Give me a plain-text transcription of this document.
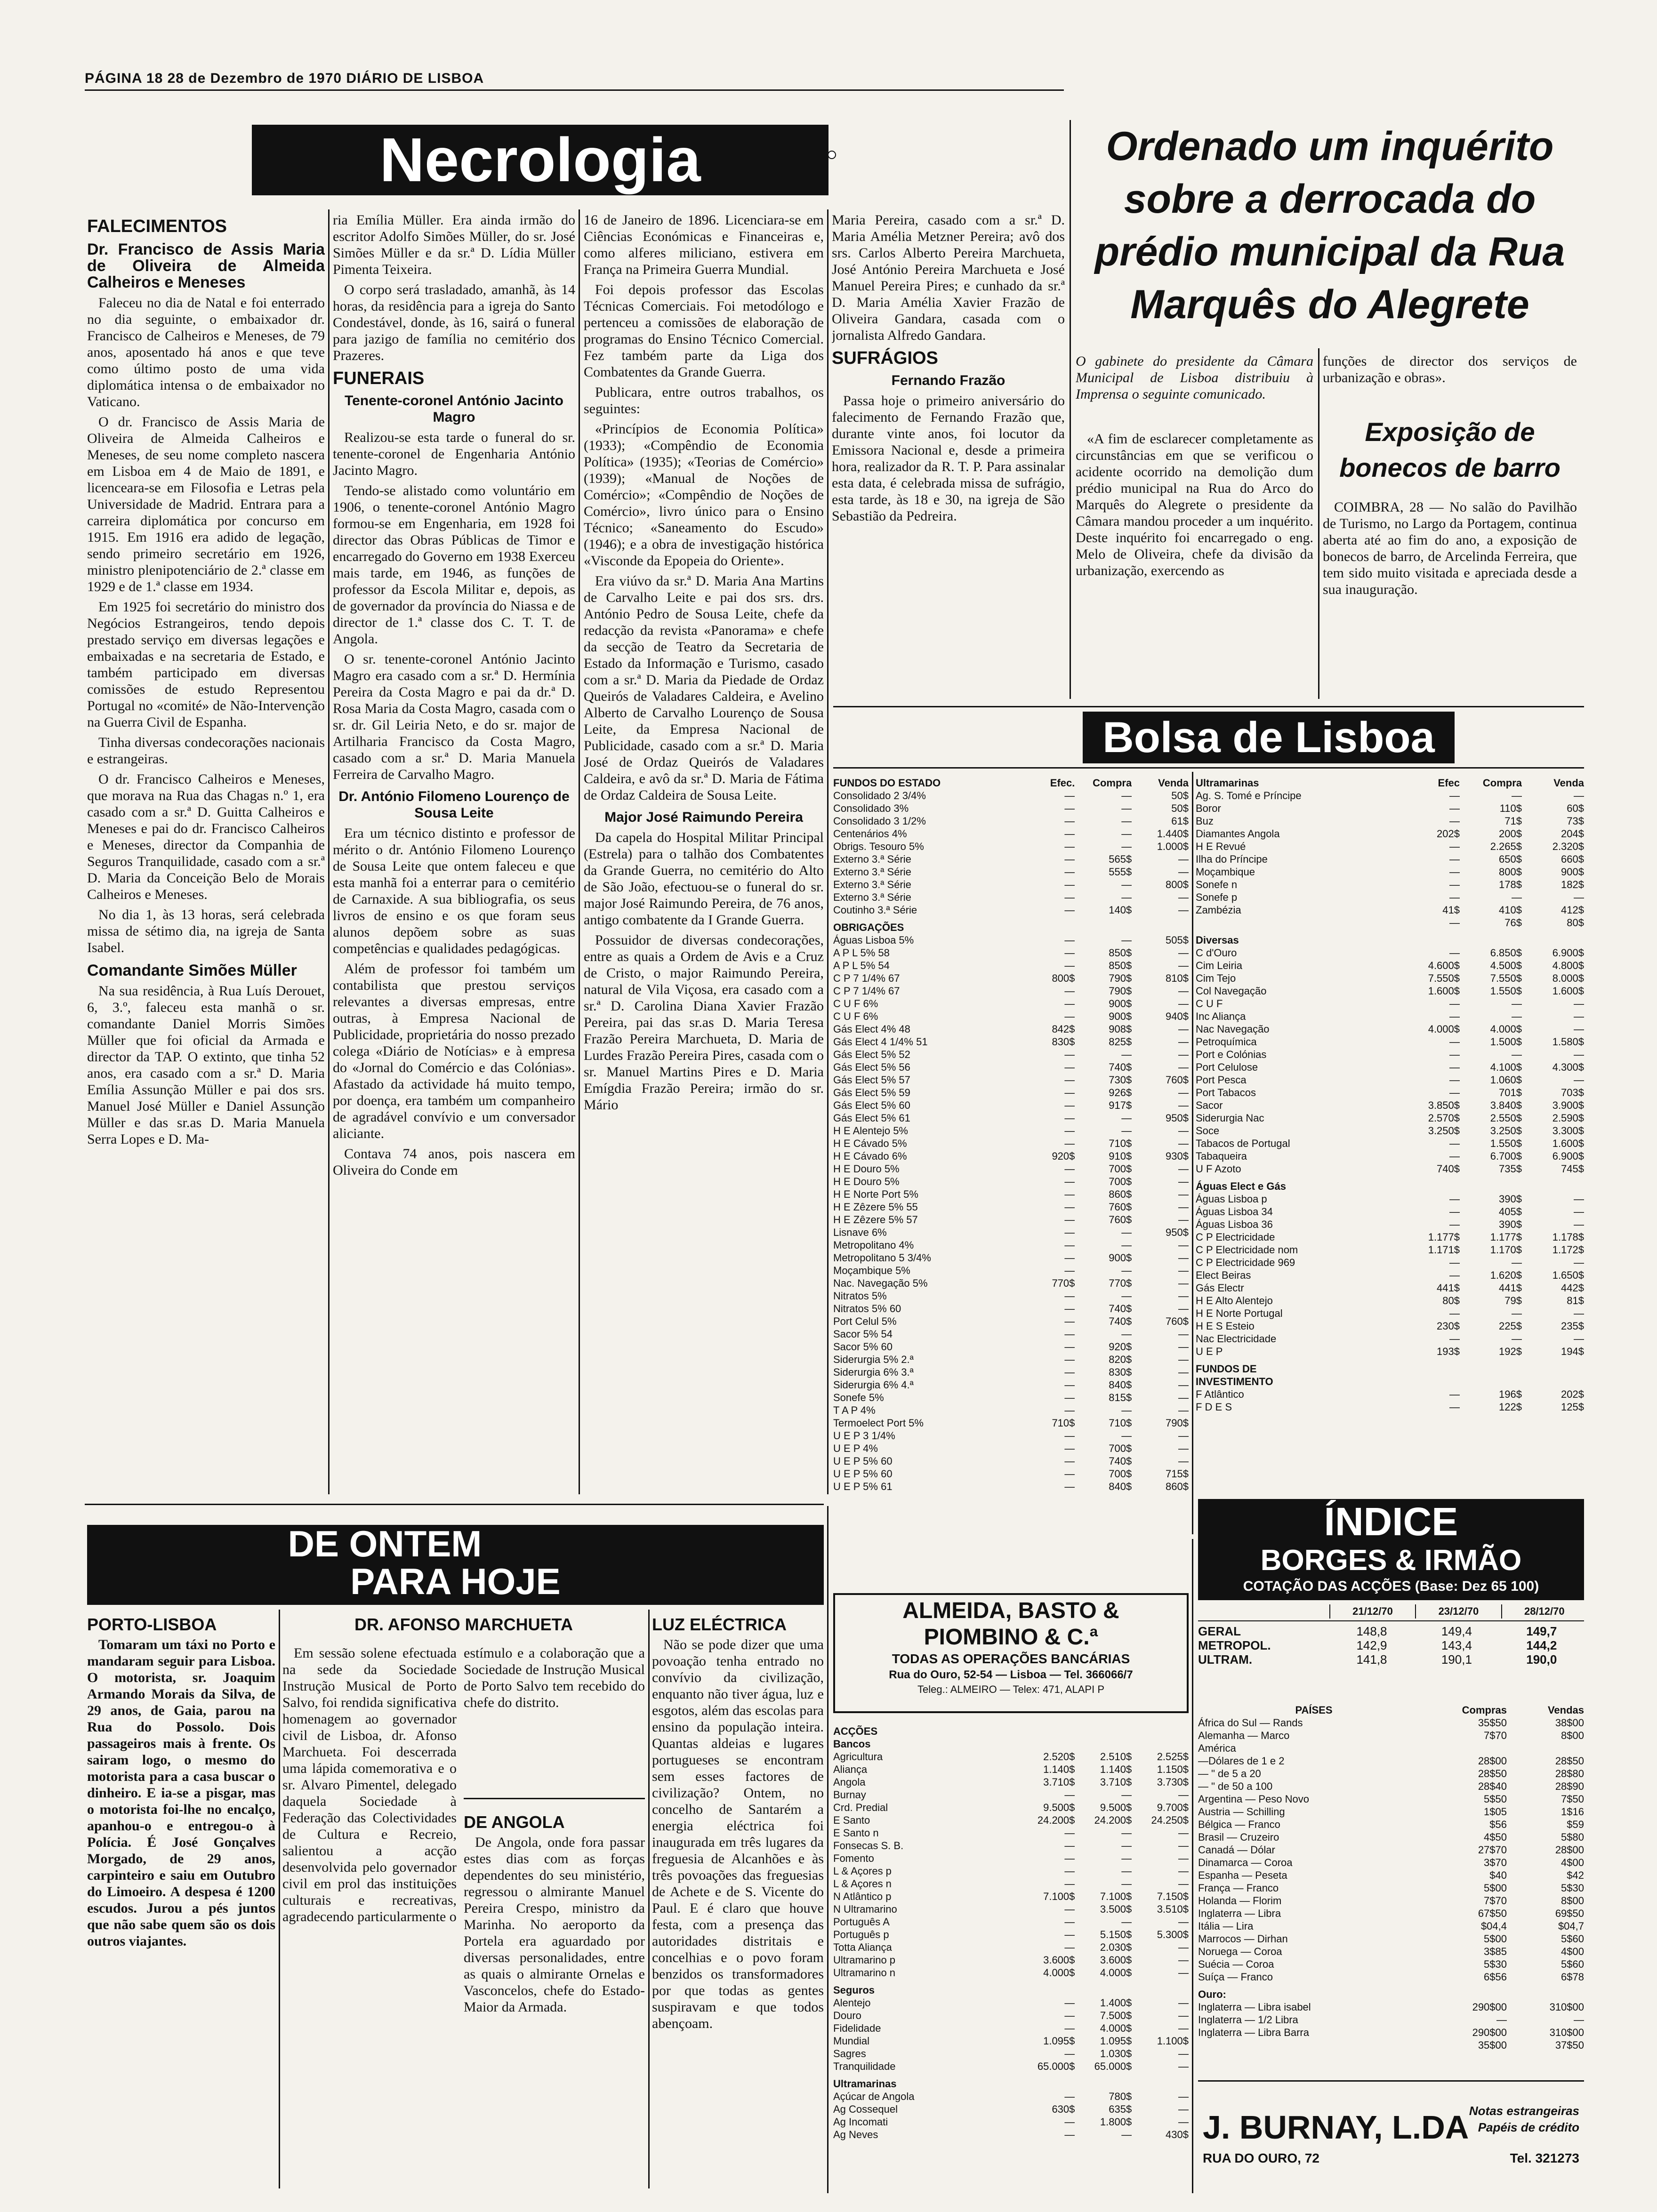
PÁGINA 18 28 de Dezembro de 1970 DIÁRIO DE LISBOA
Necrologia
FALECIMENTOS
Dr. Francisco de Assis Maria de Oliveira de Almeida Calheiros e Meneses

Faleceu no dia de Natal e foi enterrado no dia seguinte, o embaixador dr. Francisco de Calheiros e Meneses, de 79 anos, aposentado há anos e que teve como último posto de uma vida diplomática intensa o de embaixador no Vaticano.

O dr. Francisco de Assis Maria de Oliveira de Almeida Calheiros e Meneses, de seu nome completo nascera em Lisboa em 4 de Maio de 1891, e licenceara-se em Filosofia e Letras pela Universidade de Madrid. Entrara para a carreira diplomática por concurso em 1915. Em 1916 era adido de legação, sendo primeiro secretário em 1926, ministro plenipotenciário de 2.ª classe em 1929 e de 1.ª classe em 1934.

Em 1925 foi secretário do ministro dos Negócios Estrangeiros, tendo depois prestado serviço em diversas legações e embaixadas e na secretaria de Estado, e também participado em diversas comissões de estudo Representou Portugal no «comité» de Não-Intervenção na Guerra Civil de Espanha.

Tinha diversas condecorações nacionais e estrangeiras.

O dr. Francisco Calheiros e Meneses, que morava na Rua das Chagas n.º 1, era casado com a sr.ª D. Guitta Calheiros e Meneses e pai do dr. Francisco Calheiros e Meneses, director da Companhia de Seguros Tranquilidade, casado com a sr.ª D. Maria da Conceição Belo de Morais Calheiros e Meneses.

No dia 1, às 13 horas, será celebrada missa de sétimo dia, na igreja de Santa Isabel.

Comandante Simões Müller

Na sua residência, à Rua Luís Derouet, 6, 3.º, faleceu esta manhã o sr. comandante Daniel Morris Simões Müller que foi oficial da Armada e director da TAP. O extinto, que tinha 52 anos, era casado com a sr.ª D. Maria Emília Assunção Müller e pai dos srs. Manuel José Müller e Daniel Assunção Müller e das sr.as D. Maria Manuela Serra Lopes e D. Ma-

ria Emília Müller. Era ainda irmão do escritor Adolfo Simões Müller, do sr. José Simões Müller e da sr.ª D. Lídia Müller Pimenta Teixeira.

O corpo será trasladado, amanhã, às 14 horas, da residência para a igreja do Santo Condestável, donde, às 16, sairá o funeral para jazigo de família no cemitério dos Prazeres.

FUNERAIS
Tenente-coronel António Jacinto Magro

Realizou-se esta tarde o funeral do sr. tenente-coronel de Engenharia António Jacinto Magro.

Tendo-se alistado como voluntário em 1906, o tenente-coronel António Magro formou-se em Engenharia, em 1928 foi director das Obras Públicas de Timor e encarregado do Governo em 1938 Exerceu mais tarde, em 1946, as funções de professor da Escola Militar e, depois, as de governador da província do Niassa e de director de 1.ª classe dos C. T. T. de Angola.

O sr. tenente-coronel António Jacinto Magro era casado com a sr.ª D. Hermínia Pereira da Costa Magro e pai da dr.ª D. Rosa Maria da Costa Magro, casada com o sr. dr. Gil Leiria Neto, e do sr. major de Artilharia Francisco da Costa Magro, casado com a sr.ª D. Maria Manuela Ferreira de Carvalho Magro.

Dr. António Filomeno Lourenço de Sousa Leite

Era um técnico distinto e professor de mérito o dr. António Filomeno Lourenço de Sousa Leite que ontem faleceu e que esta manhã foi a enterrar para o cemitério de Carnaxide. A sua bibliografia, os seus livros de ensino e os que foram seus alunos depõem sobre as suas competências e qualidades pedagógicas.

Além de professor foi também um contabilista que prestou serviços relevantes a diversas empresas, entre outras, à Empresa Nacional de Publicidade, proprietária do nosso prezado colega «Diário de Notícias» e à empresa do «Jornal do Comércio e das Colónias». Afastado da actividade há muito tempo, por doença, era também um companheiro de agradável convívio e um conversador aliciante.

Contava 74 anos, pois nascera em Oliveira do Conde em

16 de Janeiro de 1896. Licenciara-se em Ciências Económicas e Financeiras e, como alferes miliciano, estivera em França na Primeira Guerra Mundial.

Foi depois professor das Escolas Técnicas Comerciais. Foi metodólogo e pertenceu a comissões de elaboração de programas do Ensino Técnico Comercial. Fez também parte da Liga dos Combatentes da Grande Guerra.

Publicara, entre outros trabalhos, os seguintes:

«Princípios de Economia Política» (1933); «Compêndio de Economia Política» (1935); «Teorias de Comércio» (1939); «Manual de Noções de Comércio»; «Compêndio de Noções de Comércio», livro único para o Ensino Técnico; «Saneamento do Escudo» (1946); e a obra de investigação histórica «Visconde da Epopeia do Oriente».

Era viúvo da sr.ª D. Maria Ana Martins de Carvalho Leite e pai dos srs. drs. António Pedro de Sousa Leite, chefe da redacção da revista «Panorama» e chefe da secção de Teatro da Secretaria de Estado da Informação e Turismo, casado com a sr.ª D. Maria da Piedade de Ordaz Queirós de Valadares Caldeira, e Avelino Alberto de Carvalho Lourenço de Sousa Leite, da Empresa Nacional de Publicidade, casado com a sr.ª D. Maria José de Ordaz Queirós de Valadares Caldeira, e avô da sr.ª D. Maria de Fátima de Ordaz Caldeira de Sousa Leite.

Major José Raimundo Pereira

Da capela do Hospital Militar Principal (Estrela) para o talhão dos Combatentes da Grande Guerra, no cemitério do Alto de São João, efectuou-se o funeral do sr. major José Raimundo Pereira, de 76 anos, antigo combatente da I Grande Guerra.

Possuidor de diversas condecorações, entre as quais a Ordem de Avis e a Cruz de Cristo, o major Raimundo Pereira, natural de Vila Viçosa, era casado com a sr.ª D. Carolina Diana Xavier Frazão Pereira, pai das sr.as D. Maria Teresa Frazão Pereira Marchueta, D. Maria de Lurdes Frazão Pereira Pires, casada com o sr. Manuel Martins Pires e D. Maria Emígdia Frazão Pereira; irmão do sr. Mário

Maria Pereira, casado com a sr.ª D. Maria Amélia Metzner Pereira; avô dos srs. Carlos Alberto Pereira Marchueta, José António Pereira Marchueta e José Manuel Pereira Pires; e cunhado da sr.ª D. Maria Amélia Xavier Frazão de Oliveira Gandara, casada com o jornalista Alfredo Gandara.

SUFRÁGIOS
Fernando Frazão

Passa hoje o primeiro aniversário do falecimento de Fernando Frazão que, durante vinte anos, foi locutor da Emissora Nacional e, desde a primeira hora, realizador da R. T. P. Para assinalar esta data, é celebrada missa de sufrágio, esta tarde, às 18 e 30, na igreja de São Sebastião da Pedreira.

Ordenado um inquérito sobre a derrocada do prédio municipal da Rua Marquês do Alegrete
O gabinete do presidente da Câmara Municipal de Lisboa distribuiu à Imprensa o seguinte comunicado.
«A fim de esclarecer completamente as circunstâncias em que se verificou o acidente ocorrido na demolição dum prédio municipal na Rua do Arco do Marquês do Alegrete o presidente da Câmara mandou proceder a um inquérito. Deste inquérito foi encarregado o eng. Melo de Oliveira, chefe da divisão da urbanização, exercendo as
funções de director dos serviços de urbanização e obras».
Exposição de bonecos de barro
COIMBRA, 28 — No salão do Pavilhão de Turismo, no Largo da Portagem, continua aberta até ao fim do ano, a exposição de bonecos de barro, de Arcelinda Ferreira, que tem sido muito visitada e apreciada desde a sua inauguração.
Bolsa de Lisboa
FUNDOS DO ESTADO	Efec.	Compra	Venda
Consolidado 2 3/4%	—	—	50$
Consolidado 3%	—	—	50$
Consolidado 3 1/2%	—	—	61$
Centenários 4%	—	—	1.440$
Obrigs. Tesouro 5%	—	—	1.000$
Externo 3.ª Série	—	565$	—
Externo 3.ª Série	—	555$	—
Externo 3.ª Série	—	—	800$
Externo 3.ª Série	—	—	—
Coutinho 3.ª Série	—	140$	—
OBRIGAÇÕES
Águas Lisboa 5%	—	—	505$
A P L 5% 58	—	850$	—
A P L 5% 54	—	850$	—
C P 7 1/4% 67	800$	790$	810$
C P 7 1/4% 67	—	790$	—
C U F 6%	—	900$	—
C U F 6%	—	900$	940$
Gás Elect 4% 48	842$	908$	—
Gás Elect 4 1/4% 51	830$	825$	—
Gás Elect 5% 52	—	—	—
Gás Elect 5% 56	—	740$	—
Gás Elect 5% 57	—	730$	760$
Gás Elect 5% 59	—	926$	—
Gás Elect 5% 60	—	917$	—
Gás Elect 5% 61	—	—	950$
H E Alentejo 5%	—	—	—
H E Cávado 5%	—	710$	—
H E Cávado 6%	920$	910$	930$
H E Douro 5%	—	700$	—
H E Douro 5%	—	700$	—
H E Norte Port 5%	—	860$	—
H E Zêzere 5% 55	—	760$	—
H E Zêzere 5% 57	—	760$	—
Lisnave 6%	—	—	950$
Metropolitano 4%	—	—	—
Metropolitano 5 3/4%	—	900$	—
Moçambique 5%	—	—	—
Nac. Navegação 5%	770$	770$	—
Nitratos 5%	—	—	—
Nitratos 5% 60	—	740$	—
Port Celul 5%	—	740$	760$
Sacor 5% 54	—	—	—
Sacor 5% 60	—	920$	—
Siderurgia 5% 2.ª	—	820$	—
Siderurgia 6% 3.ª	—	830$	—
Siderurgia 6% 4.ª	—	840$	—
Sonefe 5%	—	815$	—
T A P 4%	—	—	—
Termoelect Port 5%	710$	710$	790$
U E P 3 1/4%	—	—	—
U E P 4%	—	700$	—
U E P 5% 60	—	740$	—
U E P 5% 60	—	700$	715$
U E P 5% 61	—	840$	860$
Ultramarinas	Efec	Compra	Venda
Ag. S. Tomé e Príncipe	—	—	—
Boror	—	110$	60$
Buz	—	71$	73$
Diamantes Angola	202$	200$	204$
H E Revué	—	2.265$	2.320$
Ilha do Príncipe	—	650$	660$
Moçambique	—	800$	900$
Sonefe n	—	178$	182$
Sonefe p	—	—	—
Zambézia	41$	410$	412$
—	76$	80$
Diversas
C d'Ouro	—	6.850$	6.900$
Cim Leiria	4.600$	4.500$	4.800$
Cim Tejo	7.550$	7.550$	8.000$
Col Navegação	1.600$	1.550$	1.600$
C U F	—	—	—
Inc Aliança	—	—	—
Nac Navegação	4.000$	4.000$	—
Petroquímica	—	1.500$	1.580$
Port e Colónias	—	—	—
Port Celulose	—	4.100$	4.300$
Port Pesca	—	1.060$	—
Port Tabacos	—	701$	703$
Sacor	3.850$	3.840$	3.900$
Siderurgia Nac	2.570$	2.550$	2.590$
Soce	3.250$	3.250$	3.300$
Tabacos de Portugal	—	1.550$	1.600$
Tabaqueira	—	6.700$	6.900$
U F Azoto	740$	735$	745$
Águas Elect e Gás
Águas Lisboa p	—	390$	—
Águas Lisboa 34	—	405$	—
Águas Lisboa 36	—	390$	—
C P Electricidade	1.177$	1.177$	1.178$
C P Electricidade nom	1.171$	1.170$	1.172$
C P Electricidade 969	—	—	—
Elect Beiras	—	1.620$	1.650$
Gás Electr	441$	441$	442$
H E Alto Alentejo	80$	79$	81$
H E Norte Portugal	—	—	—
H E S Esteio	230$	225$	235$
Nac Electricidade	—	—	—
U E P	193$	192$	194$
FUNDOS DE INVESTIMENTO
F Atlântico	—	196$	202$
F D E S	—	122$	125$
DE ONTEM
PARA HOJE
PORTO-LISBOA

Tomaram um táxi no Porto e mandaram seguir para Lisboa. O motorista, sr. Joaquim Armando Morais da Silva, de 29 anos, de Gaia, parou na Rua do Possolo. Dois passageiros mais à frente. Os sairam logo, o mesmo do motorista para a casa buscar o dinheiro. E ia-se a pisgar, mas o motorista foi-lhe no encalço, apanhou-o e entregou-o à Polícia. É José Gonçalves Morgado, de 29 anos, carpinteiro e saiu em Outubro do Limoeiro. A despesa é 1200 escudos. Jurou a pés juntos que não sabe quem são os dois outros viajantes.

DR. AFONSO MARCHUETA
Em sessão solene efectuada na sede da Sociedade Instrução Musical de Porto Salvo, foi rendida significativa homenagem ao governador civil de Lisboa, dr. Afonso Marchueta. Foi descerrada uma lápida comemorativa e o sr. Alvaro Pimentel, delegado daquela Sociedade à Federação das Colectividades de Cultura e Recreio, salientou a acção desenvolvida pelo governador civil em prol das instituições culturais e recreativas, agradecendo particularmente o
estímulo e a colaboração que a Sociedade de Instrução Musical de Porto Salvo tem recebido do chefe do distrito.
DE ANGOLA

De Angola, onde fora passar estes dias com as forças dependentes do seu ministério, regressou o almirante Manuel Pereira Crespo, ministro da Marinha. No aeroporto da Portela era aguardado por diversas personalidades, entre as quais o almirante Ornelas e Vasconcelos, chefe do Estado-Maior da Armada.

LUZ ELÉCTRICA

Não se pode dizer que uma povoação tenha entrado no convívio da civilização, enquanto não tiver água, luz e esgotos, além das escolas para ensino da população inteira. Quantas aldeias e lugares portugueses se encontram sem esses factores de civilização? Ontem, no concelho de Santarém a energia eléctrica foi inaugurada em três lugares da freguesia de Alcanhões e às três povoações das freguesias de Achete e de S. Vicente do Paul. E é claro que houve festa, com a presença das autoridades distritais e concelhias e o povo foram benzidos os transformadores por que todas as gentes suspiravam e que todos abençoam.

ALMEIDA, BASTO & PIOMBINO & C.ª
TODAS AS OPERAÇÕES BANCÁRIAS
Rua do Ouro, 52-54 — Lisboa — Tel. 366066/7
Teleg.: ALMEIRO — Telex: 471, ALAPI P
ACÇÕES
Bancos
Agricultura	2.520$	2.510$	2.525$
Aliança	1.140$	1.140$	1.150$
Angola	3.710$	3.710$	3.730$
Burnay	—	—	—
Crd. Predial	9.500$	9.500$	9.700$
E Santo	24.200$	24.200$	24.250$
E Santo n	—	—	—
Fonsecas S. B.	—	—	—
Fomento	—	—	—
L & Açores p	—	—	—
L & Açores n	—	—	—
N Atlântico p	7.100$	7.100$	7.150$
N Ultramarino	—	3.500$	3.510$
Português A	—	—	—
Português p	—	5.150$	5.300$
Totta Aliança	—	2.030$	—
Ultramarino p	3.600$	3.600$	—
Ultramarino n	4.000$	4.000$	—
Seguros
Alentejo	—	1.400$	—
Douro	—	7.500$	—
Fidelidade	—	4.000$	—
Mundial	1.095$	1.095$	1.100$
Sagres	—	1.030$	—
Tranquilidade	65.000$	65.000$	—
Ultramarinas
Açúcar de Angola	—	780$	—
Ag Cossequel	630$	635$	—
Ag Incomati	—	1.800$	—
Ag Neves	—	—	430$
ÍNDICE
BORGES & IRMÃO
COTAÇÃO DAS ACÇÕES (Base: Dez 65 100)
21/12/70	23/12/70	28/12/70
GERAL	148,8	149,4	149,7
METROPOL.	142,9	143,4	144,2
ULTRAM.	141,8	190,1	190,0
PAÍSES	Compras	Vendas
África do Sul — Rands	35$50	38$00
Alemanha — Marco	7$70	8$00
América
—Dólares de 1 e 2	28$00	28$50
— " de 5 a 20	28$50	28$80
— " de 50 a 100	28$40	28$90
Argentina — Peso Novo	5$50	7$50
Austria — Schilling	1$05	1$16
Bélgica — Franco	$56	$59
Brasil — Cruzeiro	4$50	5$80
Canadá — Dólar	27$70	28$00
Dinamarca — Coroa	3$70	4$00
Espanha — Peseta	$40	$42
França — Franco	5$00	5$30
Holanda — Florim	7$70	8$00
Inglaterra — Libra	67$50	69$50
Itália — Lira	$04,4	$04,7
Marrocos — Dirhan	5$00	5$60
Noruega — Coroa	3$85	4$00
Suécia — Coroa	5$30	5$60
Suíça — Franco	6$56	6$78
Ouro:
Inglaterra — Libra isabel	290$00	310$00
Inglaterra — 1/2 Libra	—	—
Inglaterra — Libra Barra	290$00	310$00
35$00	37$50
J. BURNAY, L.DA Notas estrangeiras
Papéis de crédito
RUA DO OURO, 72	Tel. 321273
